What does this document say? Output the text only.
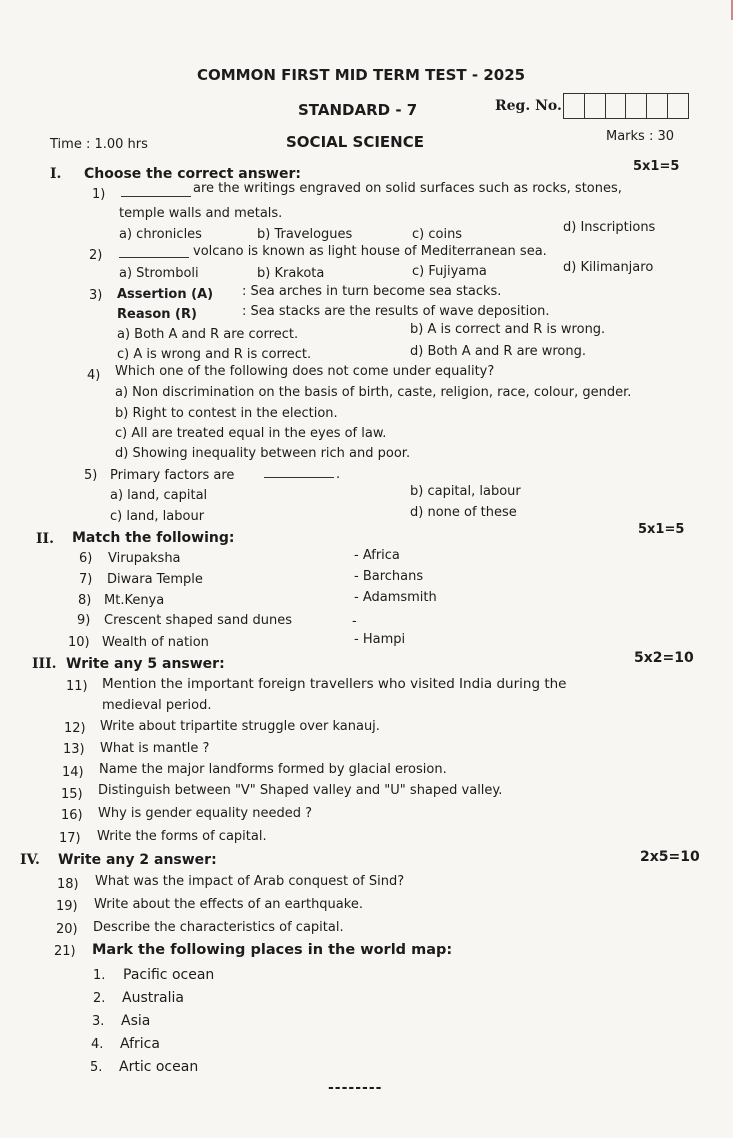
COMMON FIRST MID TERM TEST - 2025
STANDARD - 7	Reg. No.
Time : 1.00 hrs	SOCIAL SCIENCE	Marks : 30
I. Choose the correct answer:	5x1=5
1)	are the writings engraved on solid surfaces such as rocks, stones,
temple walls and metals.
a) chronicles	b) Travelogues	c) coins	d) Inscriptions
2)	volcano is known as light house of Mediterranean sea.
a) Stromboli	b) Krakota	c) Fujiyama	d) Kilimanjaro
3) Assertion (A) : Sea arches in turn become sea stacks.
Reason (R)	: Sea stacks are the results of wave deposition.
a) Both A and R are correct.	b) A is correct and R is wrong.
c) A is wrong and R is correct.	d) Both A and R are wrong.
4) Which one of the following does not come under equality?
a) Non discrimination on the basis of birth, caste, religion, race, colour, gender.
b) Right to contest in the election.
c) All are treated equal in the eyes of law.
d) Showing inequality between rich and poor.
5) Primary factors are	.
a) land, capital	b) capital, labour
c) land, labour	d) none of these
II. Match the following:
5x1=5
6) Virupaksha	- Africa
7) Diwara Temple	- Barchans
8) Mt.Kenya	- Adamsmith
9) Crescent shaped sand dunes	-
10) Wealth of nation	- Hampi
III. Write any 5 answer:	5x2=10
11) Mention the important foreign travellers who visited India during the
medieval period.
12) Write about tripartite struggle over kanauj.
13) What is mantle ?
14) Name the major landforms formed by glacial erosion.
15) Distinguish between "V" Shaped valley and "U" shaped valley.
16) Why is gender equality needed ?
17) Write the forms of capital.
IV. Write any 2 answer:	2x5=10
18) What was the impact of Arab conquest of Sind?
19) Write about the effects of an earthquake.
20) Describe the characteristics of capital.
21) Mark the following places in the world map:
1. Pacific ocean
2. Australia
3. Asia
4. Africa
5. Artic ocean
--------
